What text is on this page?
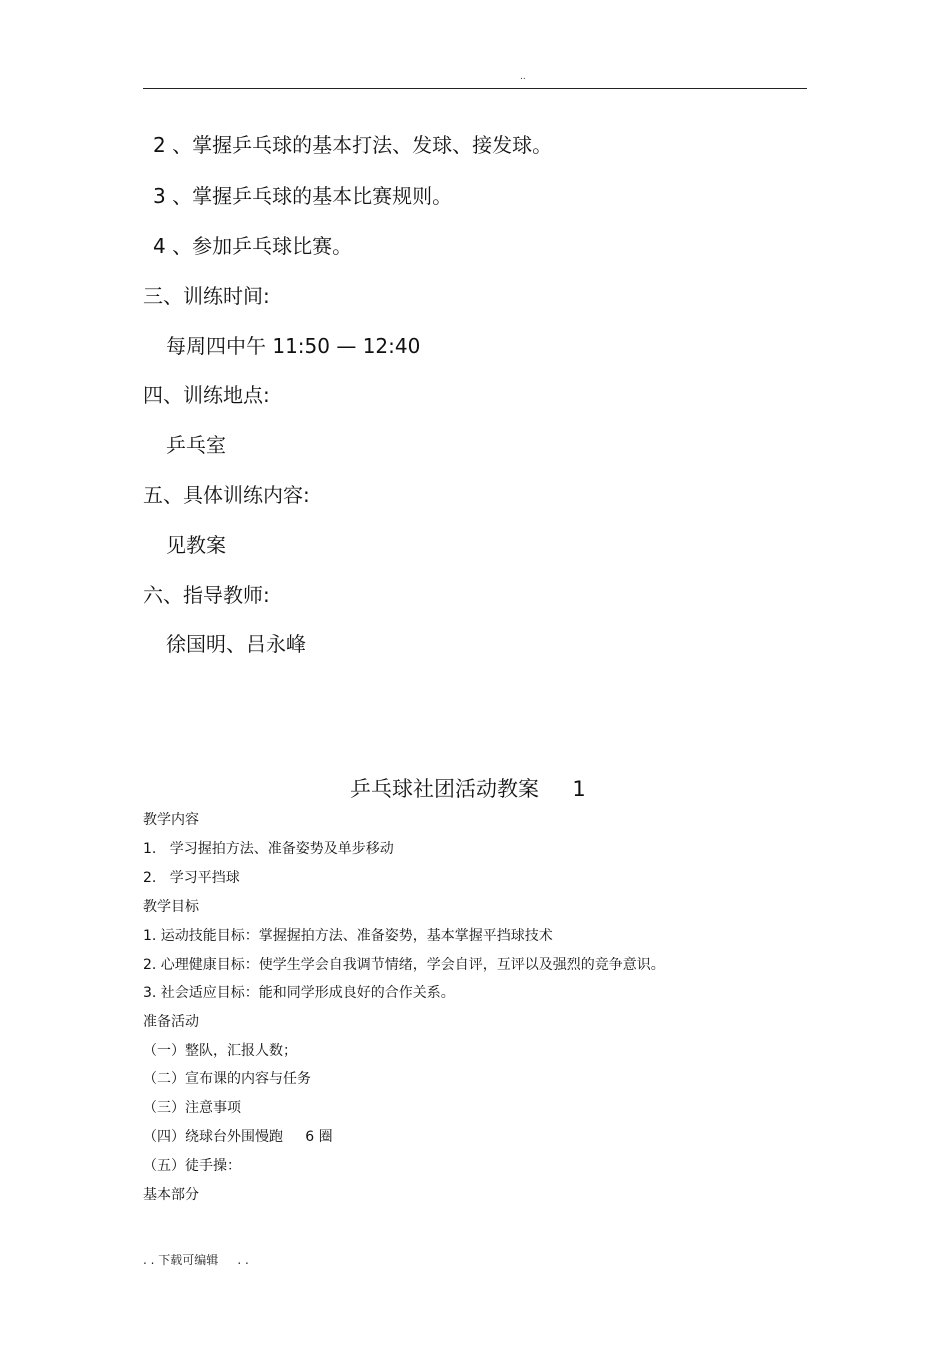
..
2 、掌握乒乓球的基本打法、发球、接发球。
3 、掌握乒乓球的基本比赛规则。
4 、参加乒乓球比赛。
三、训练时间:
每周四中午 11:50 — 12:40
四、训练地点:
乒乓室
五、具体训练内容:
见教案
六、指导教师:
徐国明、吕永峰
乒乓球社团活动教案     1
教学内容
1.   学习握拍方法、准备姿势及单步移动
2.   学习平挡球
教学目标
1. 运动技能目标：掌握握拍方法、准备姿势，基本掌握平挡球技术
2. 心理健康目标：使学生学会自我调节情绪，学会自评，互评以及强烈的竞争意识。
3. 社会适应目标：能和同学形成良好的合作关系。
准备活动
（一）整队，汇报人数；
（二）宣布课的内容与任务
（三）注意事项
（四）绕球台外围慢跑     6 圈
（五）徒手操：
基本部分
. . 下载可编辑     . .
